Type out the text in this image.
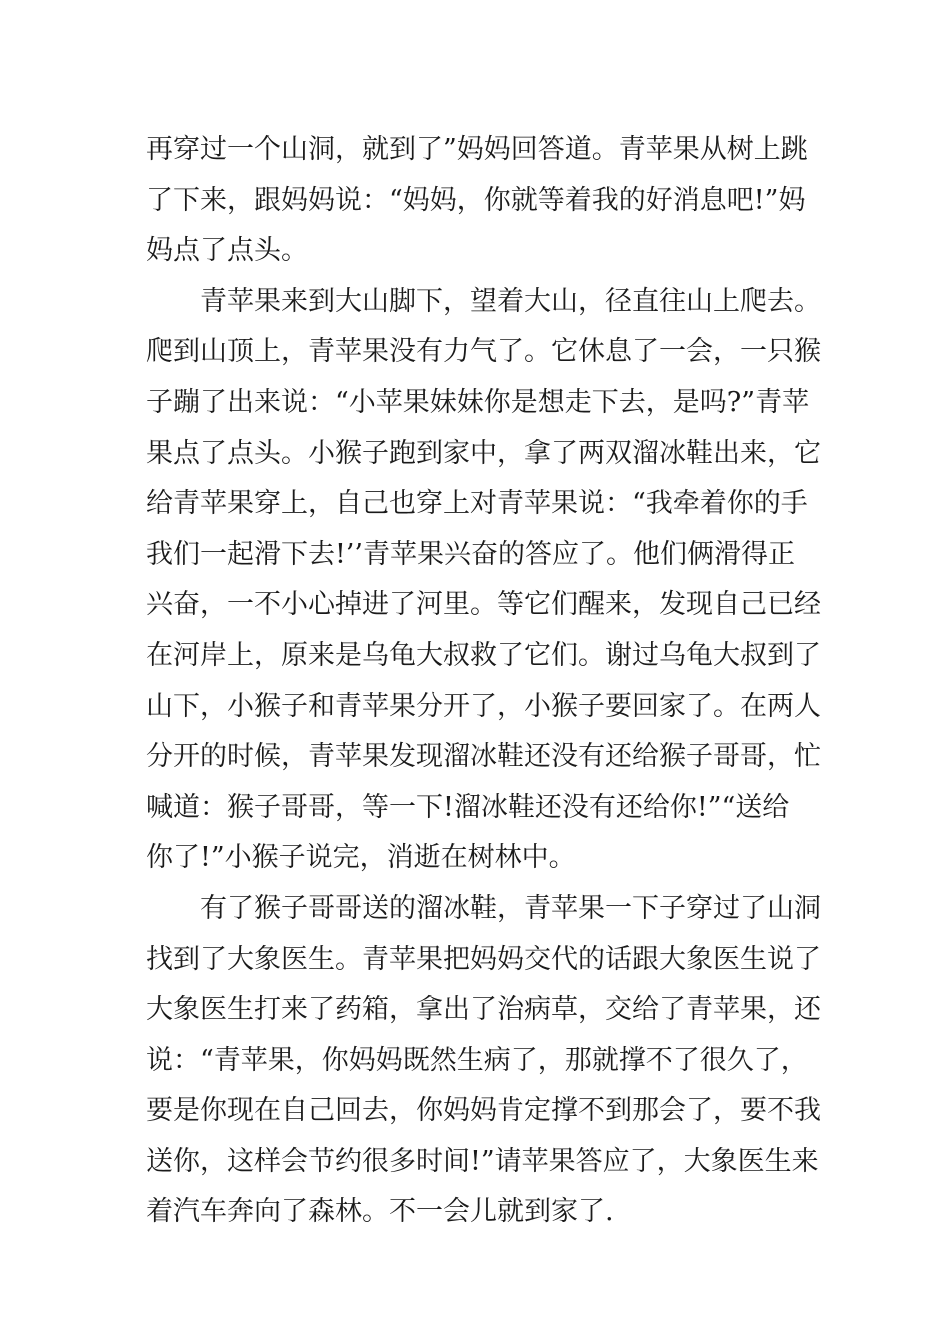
再穿过一个山洞，就到了”妈妈回答道。青苹果从树上跳
了下来，跟妈妈说：“妈妈，你就等着我的好消息吧!”妈
妈点了点头。
青苹果来到大山脚下，望着大山，径直往山上爬去。
爬到山顶上，青苹果没有力气了。它休息了一会，一只猴
子蹦了出来说：“小苹果妹妹你是想走下去，是吗?”青苹
果点了点头。小猴子跑到家中，拿了两双溜冰鞋出来，它
给青苹果穿上，自己也穿上对青苹果说：“我牵着你的手
我们一起滑下去!’’青苹果兴奋的答应了。他们俩滑得正
兴奋，一不小心掉进了河里。等它们醒来，发现自己已经
在河岸上，原来是乌龟大叔救了它们。谢过乌龟大叔到了
山下，小猴子和青苹果分开了，小猴子要回家了。在两人
分开的时候，青苹果发现溜冰鞋还没有还给猴子哥哥，忙
喊道：猴子哥哥，等一下!溜冰鞋还没有还给你!”“送给
你了!”小猴子说完，消逝在树林中。
有了猴子哥哥送的溜冰鞋，青苹果一下子穿过了山洞
找到了大象医生。青苹果把妈妈交代的话跟大象医生说了
大象医生打来了药箱，拿出了治病草，交给了青苹果，还
说：“青苹果，你妈妈既然生病了，那就撑不了很久了，
要是你现在自己回去，你妈妈肯定撑不到那会了，要不我
送你，这样会节约很多时间!”请苹果答应了，大象医生来
着汽车奔向了森林。不一会儿就到家了.
